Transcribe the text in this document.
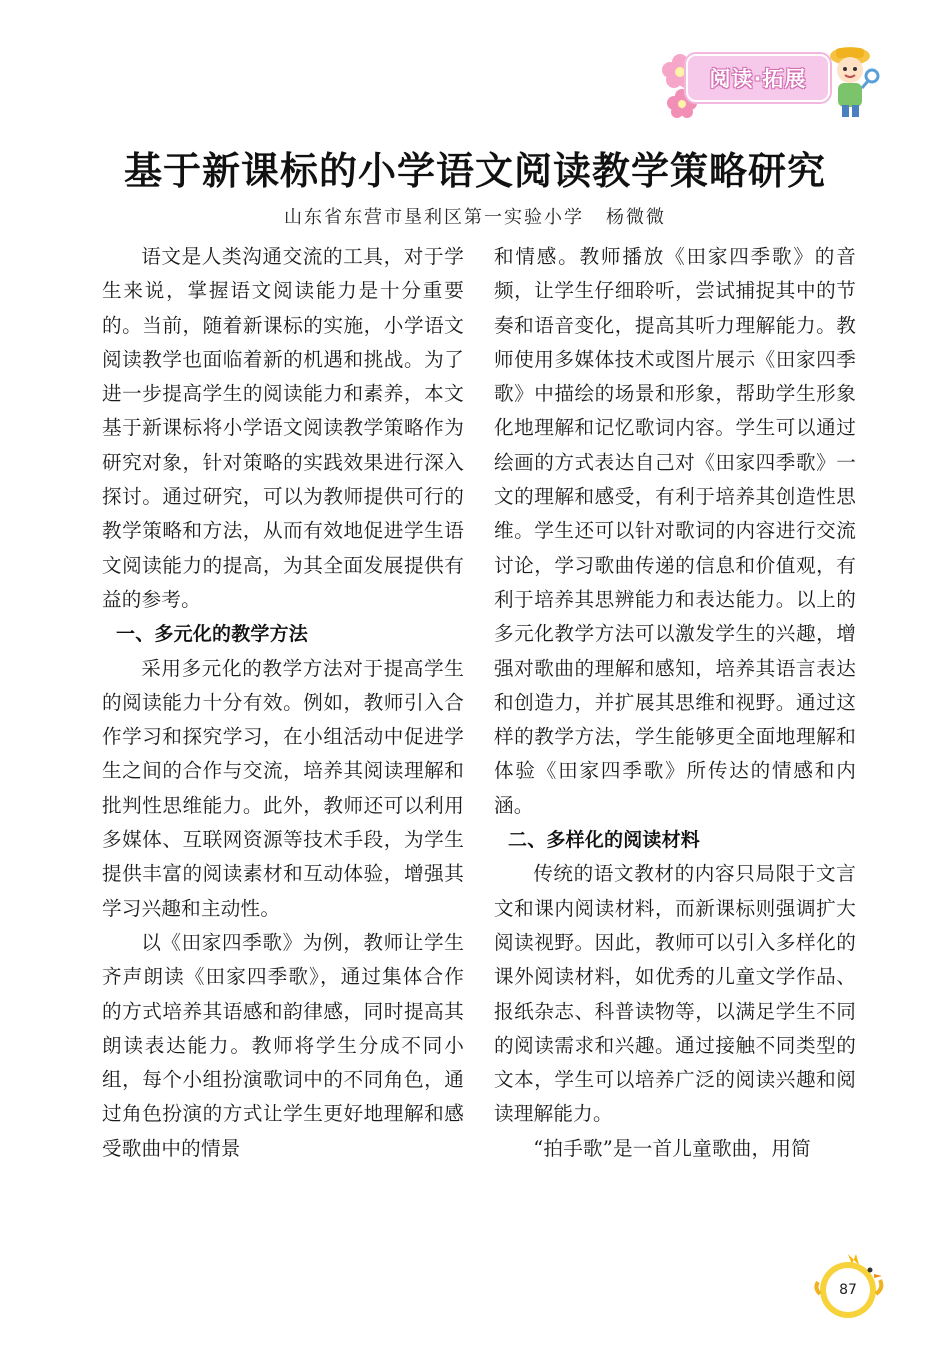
阅读·拓展
基于新课标的小学语文阅读教学策略研究
山东省东营市垦利区第一实验小学 杨微微

语文是人类沟通交流的工具，对于学生来说，掌握语文阅读能力是十分重要的。当前，随着新课标的实施，小学语文阅读教学也面临着新的机遇和挑战。为了进一步提高学生的阅读能力和素养，本文基于新课标将小学语文阅读教学策略作为研究对象，针对策略的实践效果进行深入探讨。通过研究，可以为教师提供可行的教学策略和方法，从而有效地促进学生语文阅读能力的提高，为其全面发展提供有益的参考。

一、多元化的教学方法

采用多元化的教学方法对于提高学生的阅读能力十分有效。例如，教师引入合作学习和探究学习，在小组活动中促进学生之间的合作与交流，培养其阅读理解和批判性思维能力。此外，教师还可以利用多媒体、互联网资源等技术手段，为学生提供丰富的阅读素材和互动体验，增强其学习兴趣和主动性。

以《田家四季歌》为例，教师让学生齐声朗读《田家四季歌》，通过集体合作的方式培养其语感和韵律感，同时提高其朗读表达能力。教师将学生分成不同小组，每个小组扮演歌词中的不同角色，通过角色扮演的方式让学生更好地理解和感受歌曲中的情景

和情感。教师播放《田家四季歌》的音频，让学生仔细聆听，尝试捕捉其中的节奏和语音变化，提高其听力理解能力。教师使用多媒体技术或图片展示《田家四季歌》中描绘的场景和形象，帮助学生形象化地理解和记忆歌词内容。学生可以通过绘画的方式表达自己对《田家四季歌》一文的理解和感受，有利于培养其创造性思维。学生还可以针对歌词的内容进行交流讨论，学习歌曲传递的信息和价值观，有利于培养其思辨能力和表达能力。以上的多元化教学方法可以激发学生的兴趣，增强对歌曲的理解和感知，培养其语言表达和创造力，并扩展其思维和视野。通过这样的教学方法，学生能够更全面地理解和体验《田家四季歌》所传达的情感和内涵。

二、多样化的阅读材料

传统的语文教材的内容只局限于文言文和课内阅读材料，而新课标则强调扩大阅读视野。因此，教师可以引入多样化的课外阅读材料，如优秀的儿童文学作品、报纸杂志、科普读物等，以满足学生不同的阅读需求和兴趣。通过接触不同类型的文本，学生可以培养广泛的阅读兴趣和阅读理解能力。

“拍手歌”是一首儿童歌曲，用简

87
